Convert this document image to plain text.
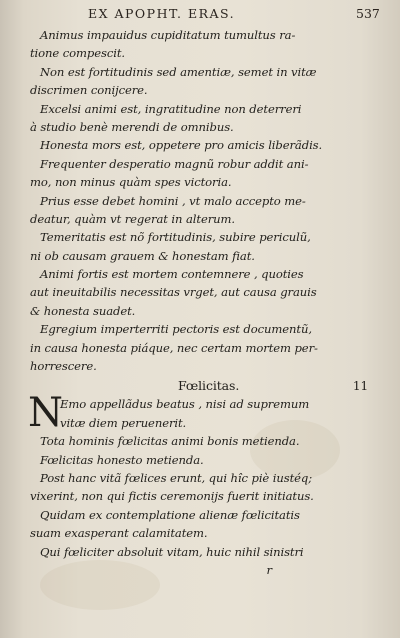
EX APOPHT. ERAS.	537
Animus impauidus cupiditatum tumultus ra-
tione compescit.
Non est fortitudinis sed amentiæ, semet in vitæ
discrimen conijcere.
Excelsi animi est, ingratitudine non deterreri
à studio benè merendi de omnibus.
Honesta mors est, oppetere pro amicis liberãdis.
Frequenter desperatio magnũ robur addit ani-
mo, non minus quàm spes victoria.
Prius esse debet homini , vt malo accepto me-
deatur, quàm vt regerat in alterum.
Temeritatis est nõ fortitudinis, subire periculũ,
ni ob causam grauem & honestam fiat.
Animi fortis est mortem contemnere , quoties
aut ineuitabilis necessitas vrget, aut causa grauis
& honesta suadet.
Egregium imperterriti pectoris est documentũ,
in causa honesta piáque, nec certam mortem per-
horrescere.
Fœlicitas.	11
N
Emo appellãdus beatus , nisi ad supremum
vitæ diem peruenerit.
Tota hominis fœlicitas animi bonis metienda.
Fœlicitas honesto metienda.
Post hanc vitã fœlices erunt, qui hîc piè iustéq;
vixerint, non qui fictis ceremonijs fuerit initiatus.
Quidam ex contemplatione alienæ fœlicitatis
suam exasperant calamitatem.
Qui fœliciter absoluit vitam, huic nihil sinistri
r
